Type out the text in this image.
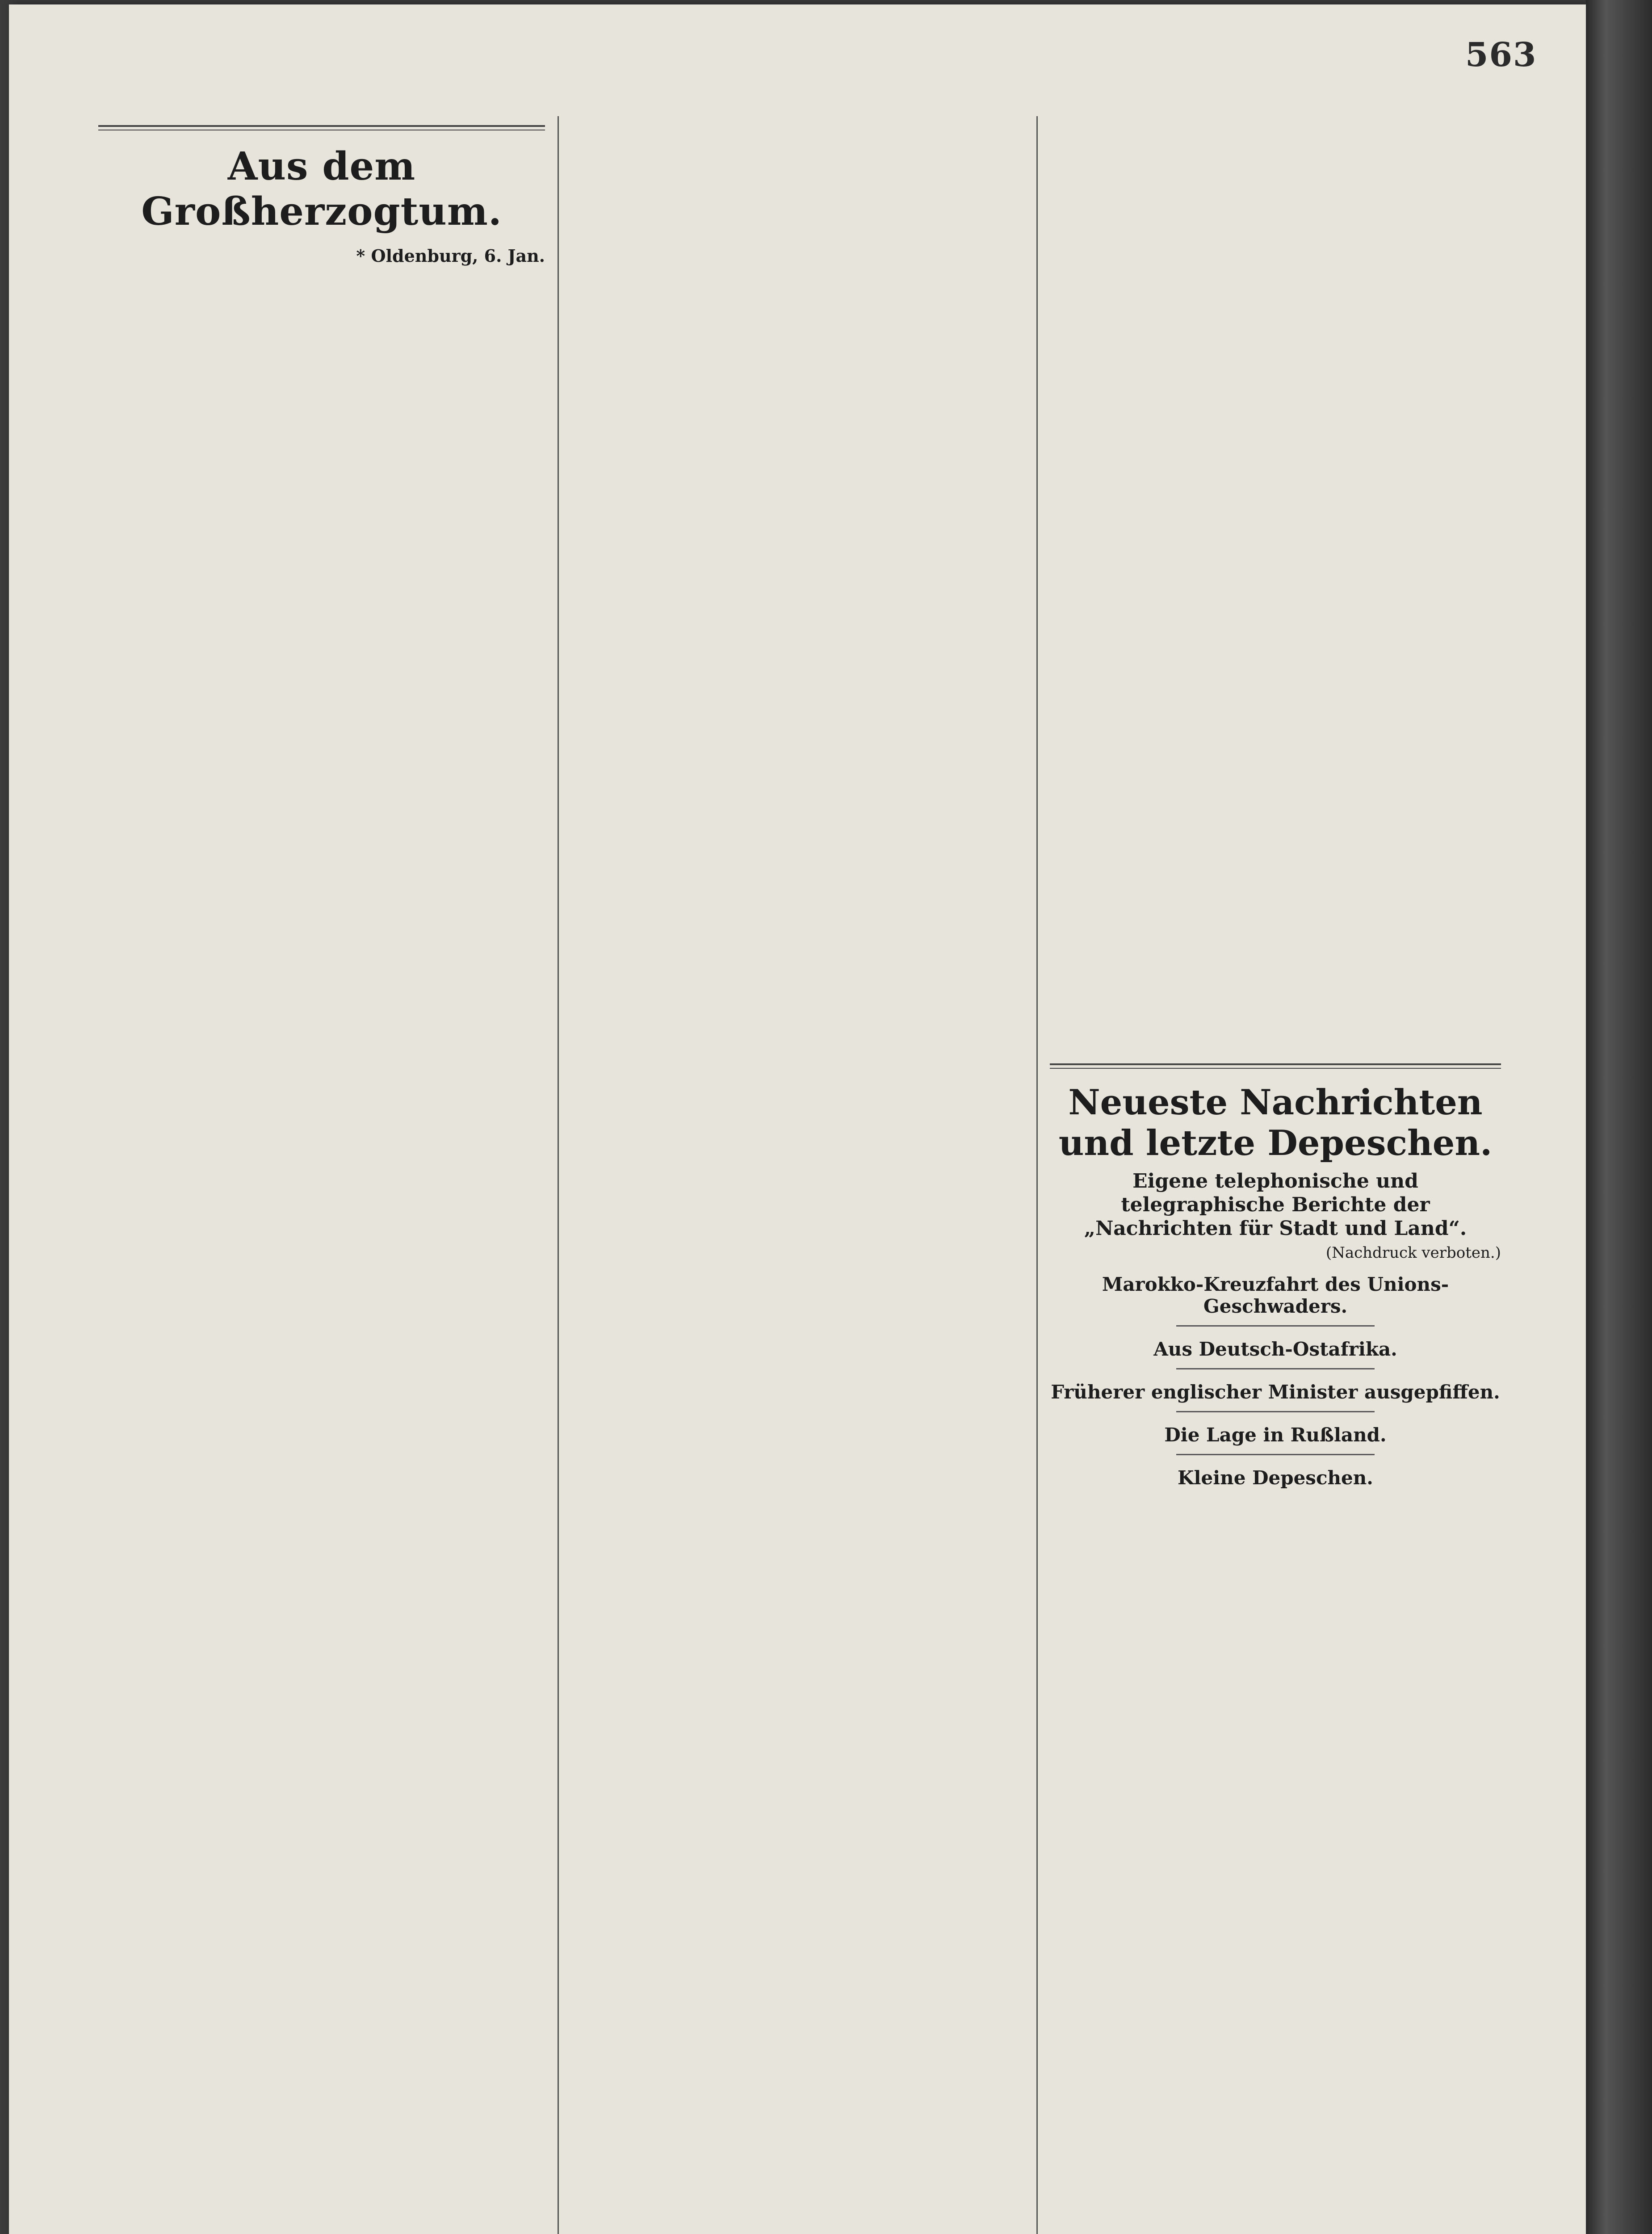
563
Aus dem Großherzogtum.
* Oldenburg, 6. Jan.
Neueste Nachrichten und letzte Depeschen.
Eigene telephonische und telegraphische Berichte der „Nachrichten für Stadt und Land“.
(Nachdruck verboten.)
Marokko-Kreuzfahrt des Unions-Geschwaders.
Aus Deutsch-Ostafrika.
Früherer englischer Minister ausgepfiffen.
Die Lage in Rußland.
Kleine Depeschen.
